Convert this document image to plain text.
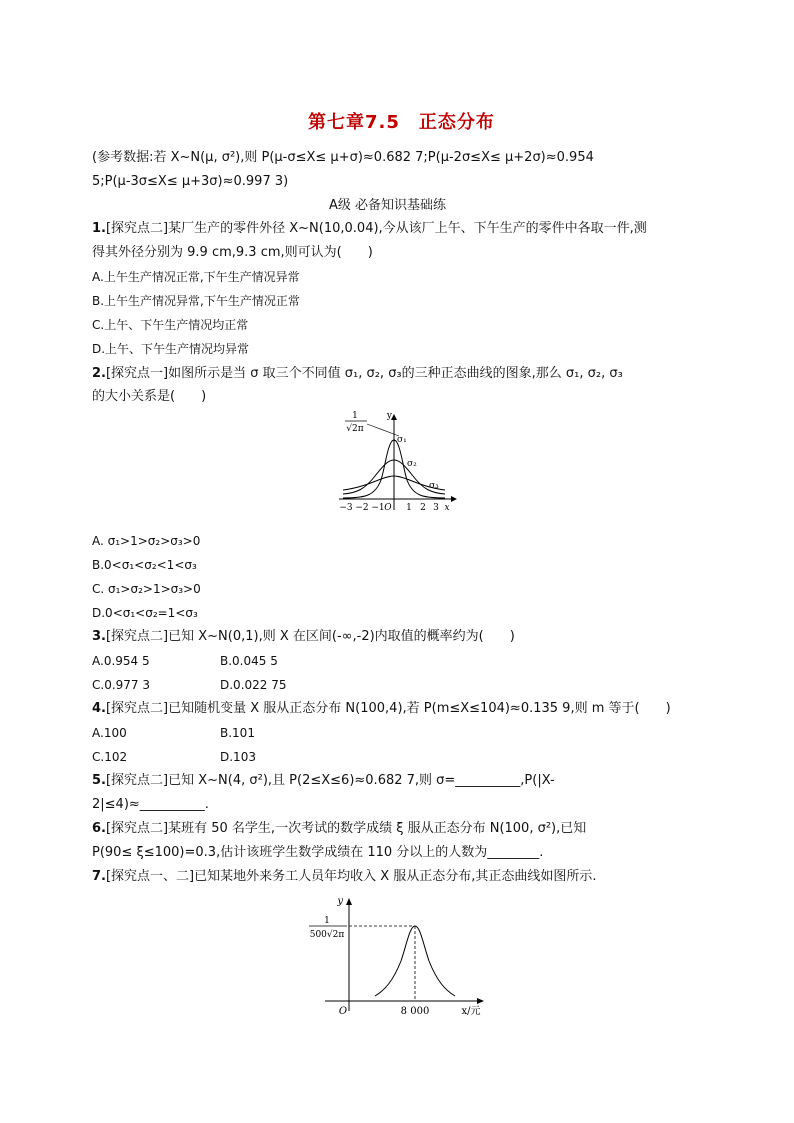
第七章7.5　正态分布
(参考数据:若 X~N(μ, σ²),则 P(μ-σ≤X≤ μ+σ)≈0.682 7;P(μ-2σ≤X≤ μ+2σ)≈0.954
5;P(μ-3σ≤X≤ μ+3σ)≈0.997 3)
A级 必备知识基础练
1.[探究点二]某厂生产的零件外径 X~N(10,0.04),今从该厂上午、下午生产的零件中各取一件,测
得其外径分别为 9.9 cm,9.3 cm,则可认为(　　)
A.上午生产情况正常,下午生产情况异常
B.上午生产情况异常,下午生产情况正常
C.上午、下午生产情况均正常
D.上午、下午生产情况均异常
2.[探究点一]如图所示是当 σ 取三个不同值 σ₁, σ₂, σ₃的三种正态曲线的图象,那么 σ₁, σ₂, σ₃
的大小关系是(　　)
1
√2π
y
σ₁
σ₂
σ₃
−3 −2 −1 O 1 2 3 x
A. σ₁>1>σ₂>σ₃>0
B.0<σ₁<σ₂<1<σ₃
C. σ₁>σ₂>1>σ₃>0
D.0<σ₁<σ₂=1<σ₃
3.[探究点二]已知 X~N(0,1),则 X 在区间(-∞,-2)内取值的概率约为(　　)
A.0.954 5	B.0.045 5
C.0.977 3	D.0.022 75
4.[探究点二]已知随机变量 X 服从正态分布 N(100,4),若 P(m≤X≤104)≈0.135 9,则 m 等于(　　)
A.100	B.101
C.102	D.103
5.[探究点二]已知 X~N(4, σ²),且 P(2≤X≤6)≈0.682 7,则 σ=__________,P(|X-
2|≤4)≈__________.
6.[探究点二]某班有 50 名学生,一次考试的数学成绩 ξ 服从正态分布 N(100, σ²),已知
P(90≤ ξ≤100)=0.3,估计该班学生数学成绩在 110 分以上的人数为________.
7.[探究点一、二]已知某地外来务工人员年均收入 X 服从正态分布,其正态曲线如图所示.
y
1
500√2π
O	8 000	x/元
